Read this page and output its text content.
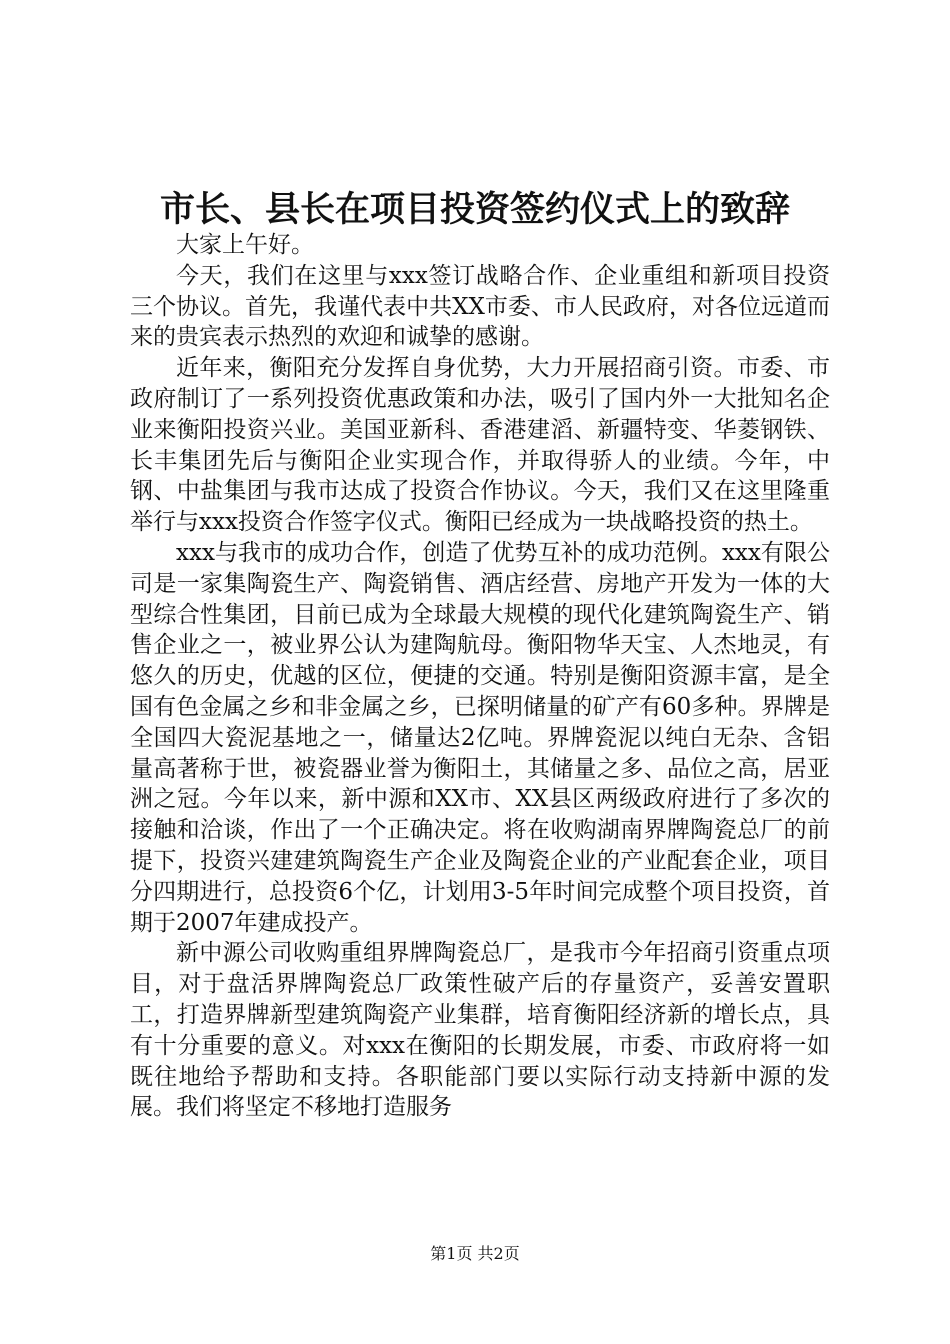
市长、县长在项目投资签约仪式上的致辞

大家上午好。

今天，我们在这里与xxx签订战略合作、企业重组和新项目投资三个协议。首先，我谨代表中共XX市委、市人民政府，对各位远道而来的贵宾表示热烈的欢迎和诚挚的感谢。

近年来，衡阳充分发挥自身优势，大力开展招商引资。市委、市政府制订了一系列投资优惠政策和办法，吸引了国内外一大批知名企业来衡阳投资兴业。美国亚新科、香港建滔、新疆特变、华菱钢铁、长丰集团先后与衡阳企业实现合作，并取得骄人的业绩。今年，中钢、中盐集团与我市达成了投资合作协议。今天，我们又在这里隆重举行与xxx投资合作签字仪式。衡阳已经成为一块战略投资的热土。

xxx与我市的成功合作，创造了优势互补的成功范例。xxx有限公司是一家集陶瓷生产、陶瓷销售、酒店经营、房地产开发为一体的大型综合性集团，目前已成为全球最大规模的现代化建筑陶瓷生产、销售企业之一，被业界公认为建陶航母。衡阳物华天宝、人杰地灵，有悠久的历史，优越的区位，便捷的交通。特别是衡阳资源丰富，是全国有色金属之乡和非金属之乡，已探明储量的矿产有60多种。界牌是全国四大瓷泥基地之一，储量达2亿吨。界牌瓷泥以纯白无杂、含铝量高著称于世，被瓷器业誉为衡阳土，其储量之多、品位之高，居亚洲之冠。今年以来，新中源和XX市、XX县区两级政府进行了多次的接触和洽谈，作出了一个正确决定。将在收购湖南界牌陶瓷总厂的前提下，投资兴建建筑陶瓷生产企业及陶瓷企业的产业配套企业，项目分四期进行，总投资6个亿，计划用3-5年时间完成整个项目投资，首期于2007年建成投产。

新中源公司收购重组界牌陶瓷总厂，是我市今年招商引资重点项目，对于盘活界牌陶瓷总厂政策性破产后的存量资产，妥善安置职工，打造界牌新型建筑陶瓷产业集群，培育衡阳经济新的增长点，具有十分重要的意义。对xxx在衡阳的长期发展，市委、市政府将一如既往地给予帮助和支持。各职能部门要以实际行动支持新中源的发展。我们将坚定不移地打造服务

第1页 共2页
